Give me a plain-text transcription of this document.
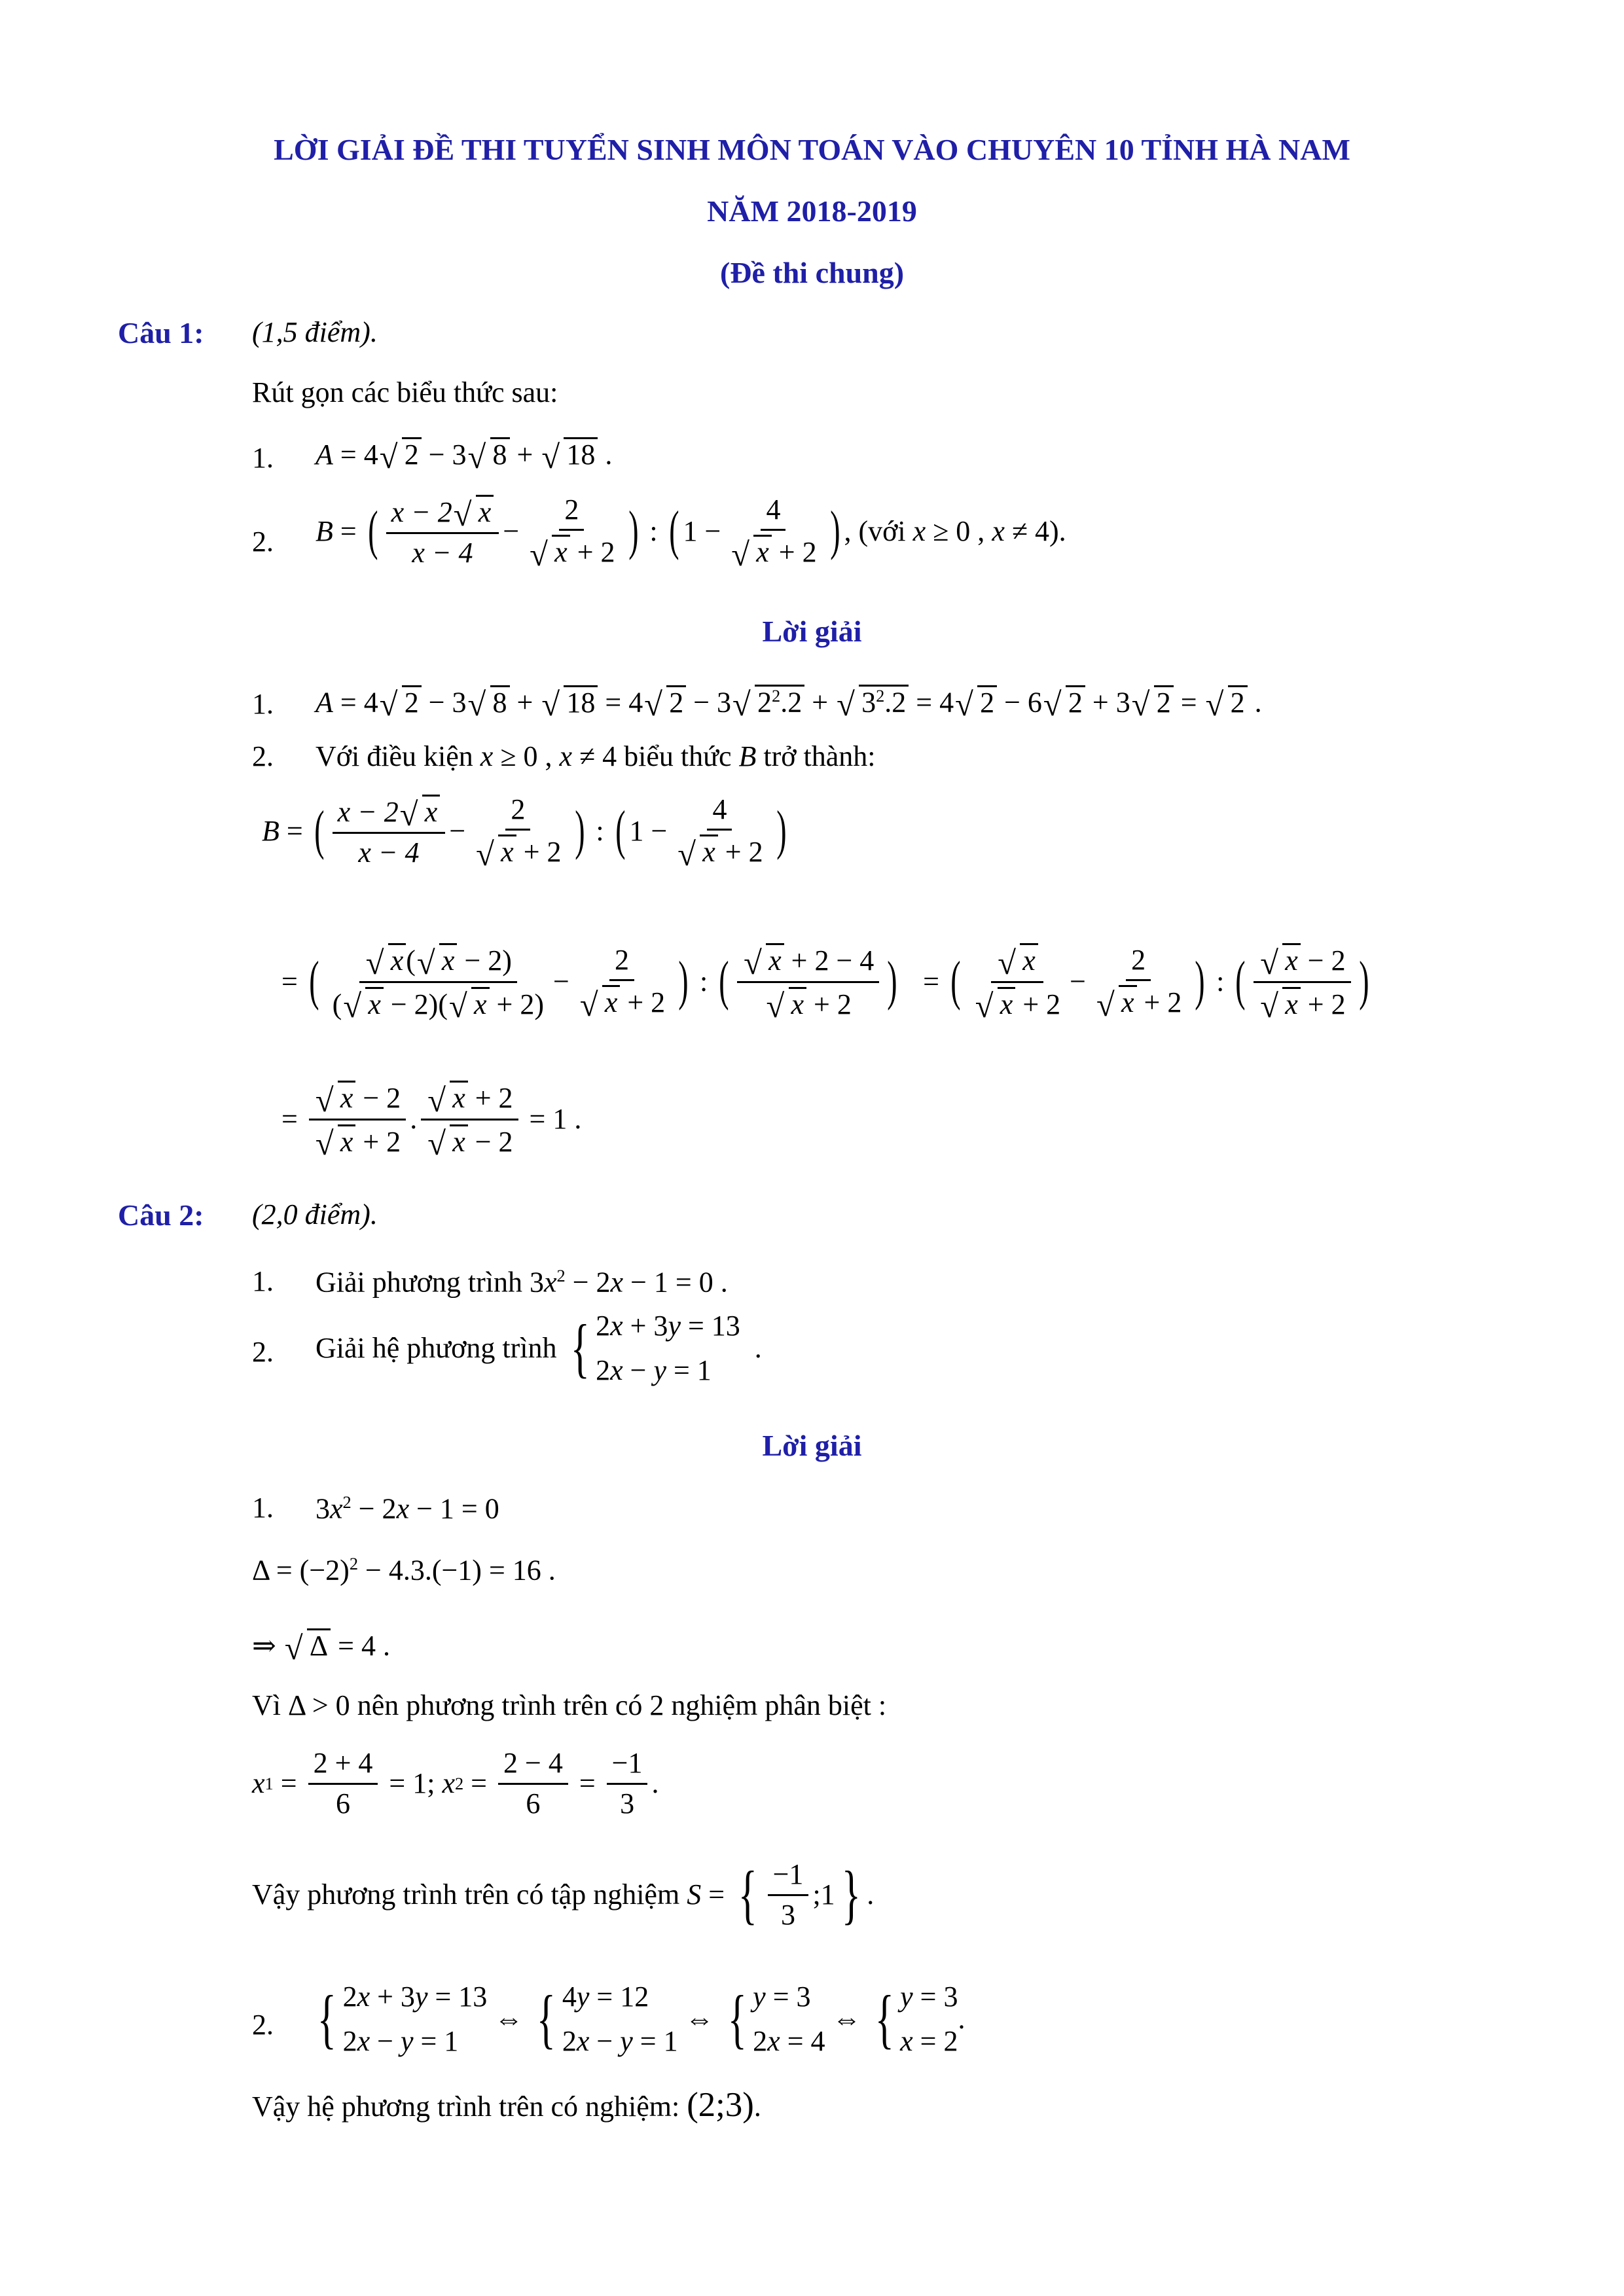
LỜI GIẢI ĐỀ THI TUYỂN SINH MÔN TOÁN VÀO CHUYÊN 10 TỈNH HÀ NAM
NĂM 2018-2019
(Đề thi chung)
Câu 1: (1,5 điểm).
Rút gọn các biểu thức sau:
1. A = 4 √ 2 − 3 √ 8 + √ 18 .
2. B = ( $\frac{x - 2 √ x}{x - 4} - \frac{2}{√ x + 2}$ ) : ( $1 - \frac{4}{√ x + 2}$ ) , (với
x ≥ 0 , x ≠ 4 ).
Lời giải
1. A = 4 √ 2 − 3 √ 8 + √ 18 = 4 √ 2 − 3 √ $2^2.2$ + √ $3^2.2 = 4$ √ 2 − 6 √ 2 + 3 √ 2 = √ 2 .
2. Với điều kiện x ≥ 0 , x ≠ 4 biểu thức B trở thành:
B = ( $\frac{x - 2 √ x}{x - 4} - \frac{2}{√ x + 2}$ ) : ( $1 - \frac{4}{√ x + 2}$ )
= ( $\frac{√ x( √ x - 2)}{( √ x - 2)( √ x + 2)} - \frac{2}{√ x + 2}$ ) : ( $\frac{√ x + 2 - 4}{√ x + 2}$ ) = ( $\frac{√ x}{√ x + 2} - \frac{2}{√ x + 2}$ ) : ( $\frac{√ x - 2}{√ x + 2}$ )
= $\frac{√ x - 2}{√ x + 2}$ . $\frac{√ x + 2}{√ x - 2} = 1$ .
Câu 2: (2,0 điểm).
1. Giải phương trình $3x^2 - 2x - 1 = 0$ .
2. Giải hệ phương trình
{ 2x + 3y = 13
2x − y = 1
.
Lời giải
1. $3x^2 - 2x - 1 = 0$
$\Delta = (-2)^2 - 4.3.(-1) = 16$ .
⇒ √ Δ = 4 .
Vì Δ > 0 nên phương trình trên có 2 nghiệm phân biệt :
x $1 = \frac{2 + 4}{6} = 1$; x $2 = \frac{2 - 4}{6} = \frac{-1}{3}$ .
Vậy phương trình trên có tập nghiệm
S = { $\frac{-1}{3}$ ;1 } .
2. { 2x + 3y = 13
2x − y = 1
⇔ { 4y = 12
2x − y = 1
⇔ { y = 3
2x = 4
⇔ { y = 3
x = 2
.
Vậy hệ phương trình trên có nghiệm: (2;3).
